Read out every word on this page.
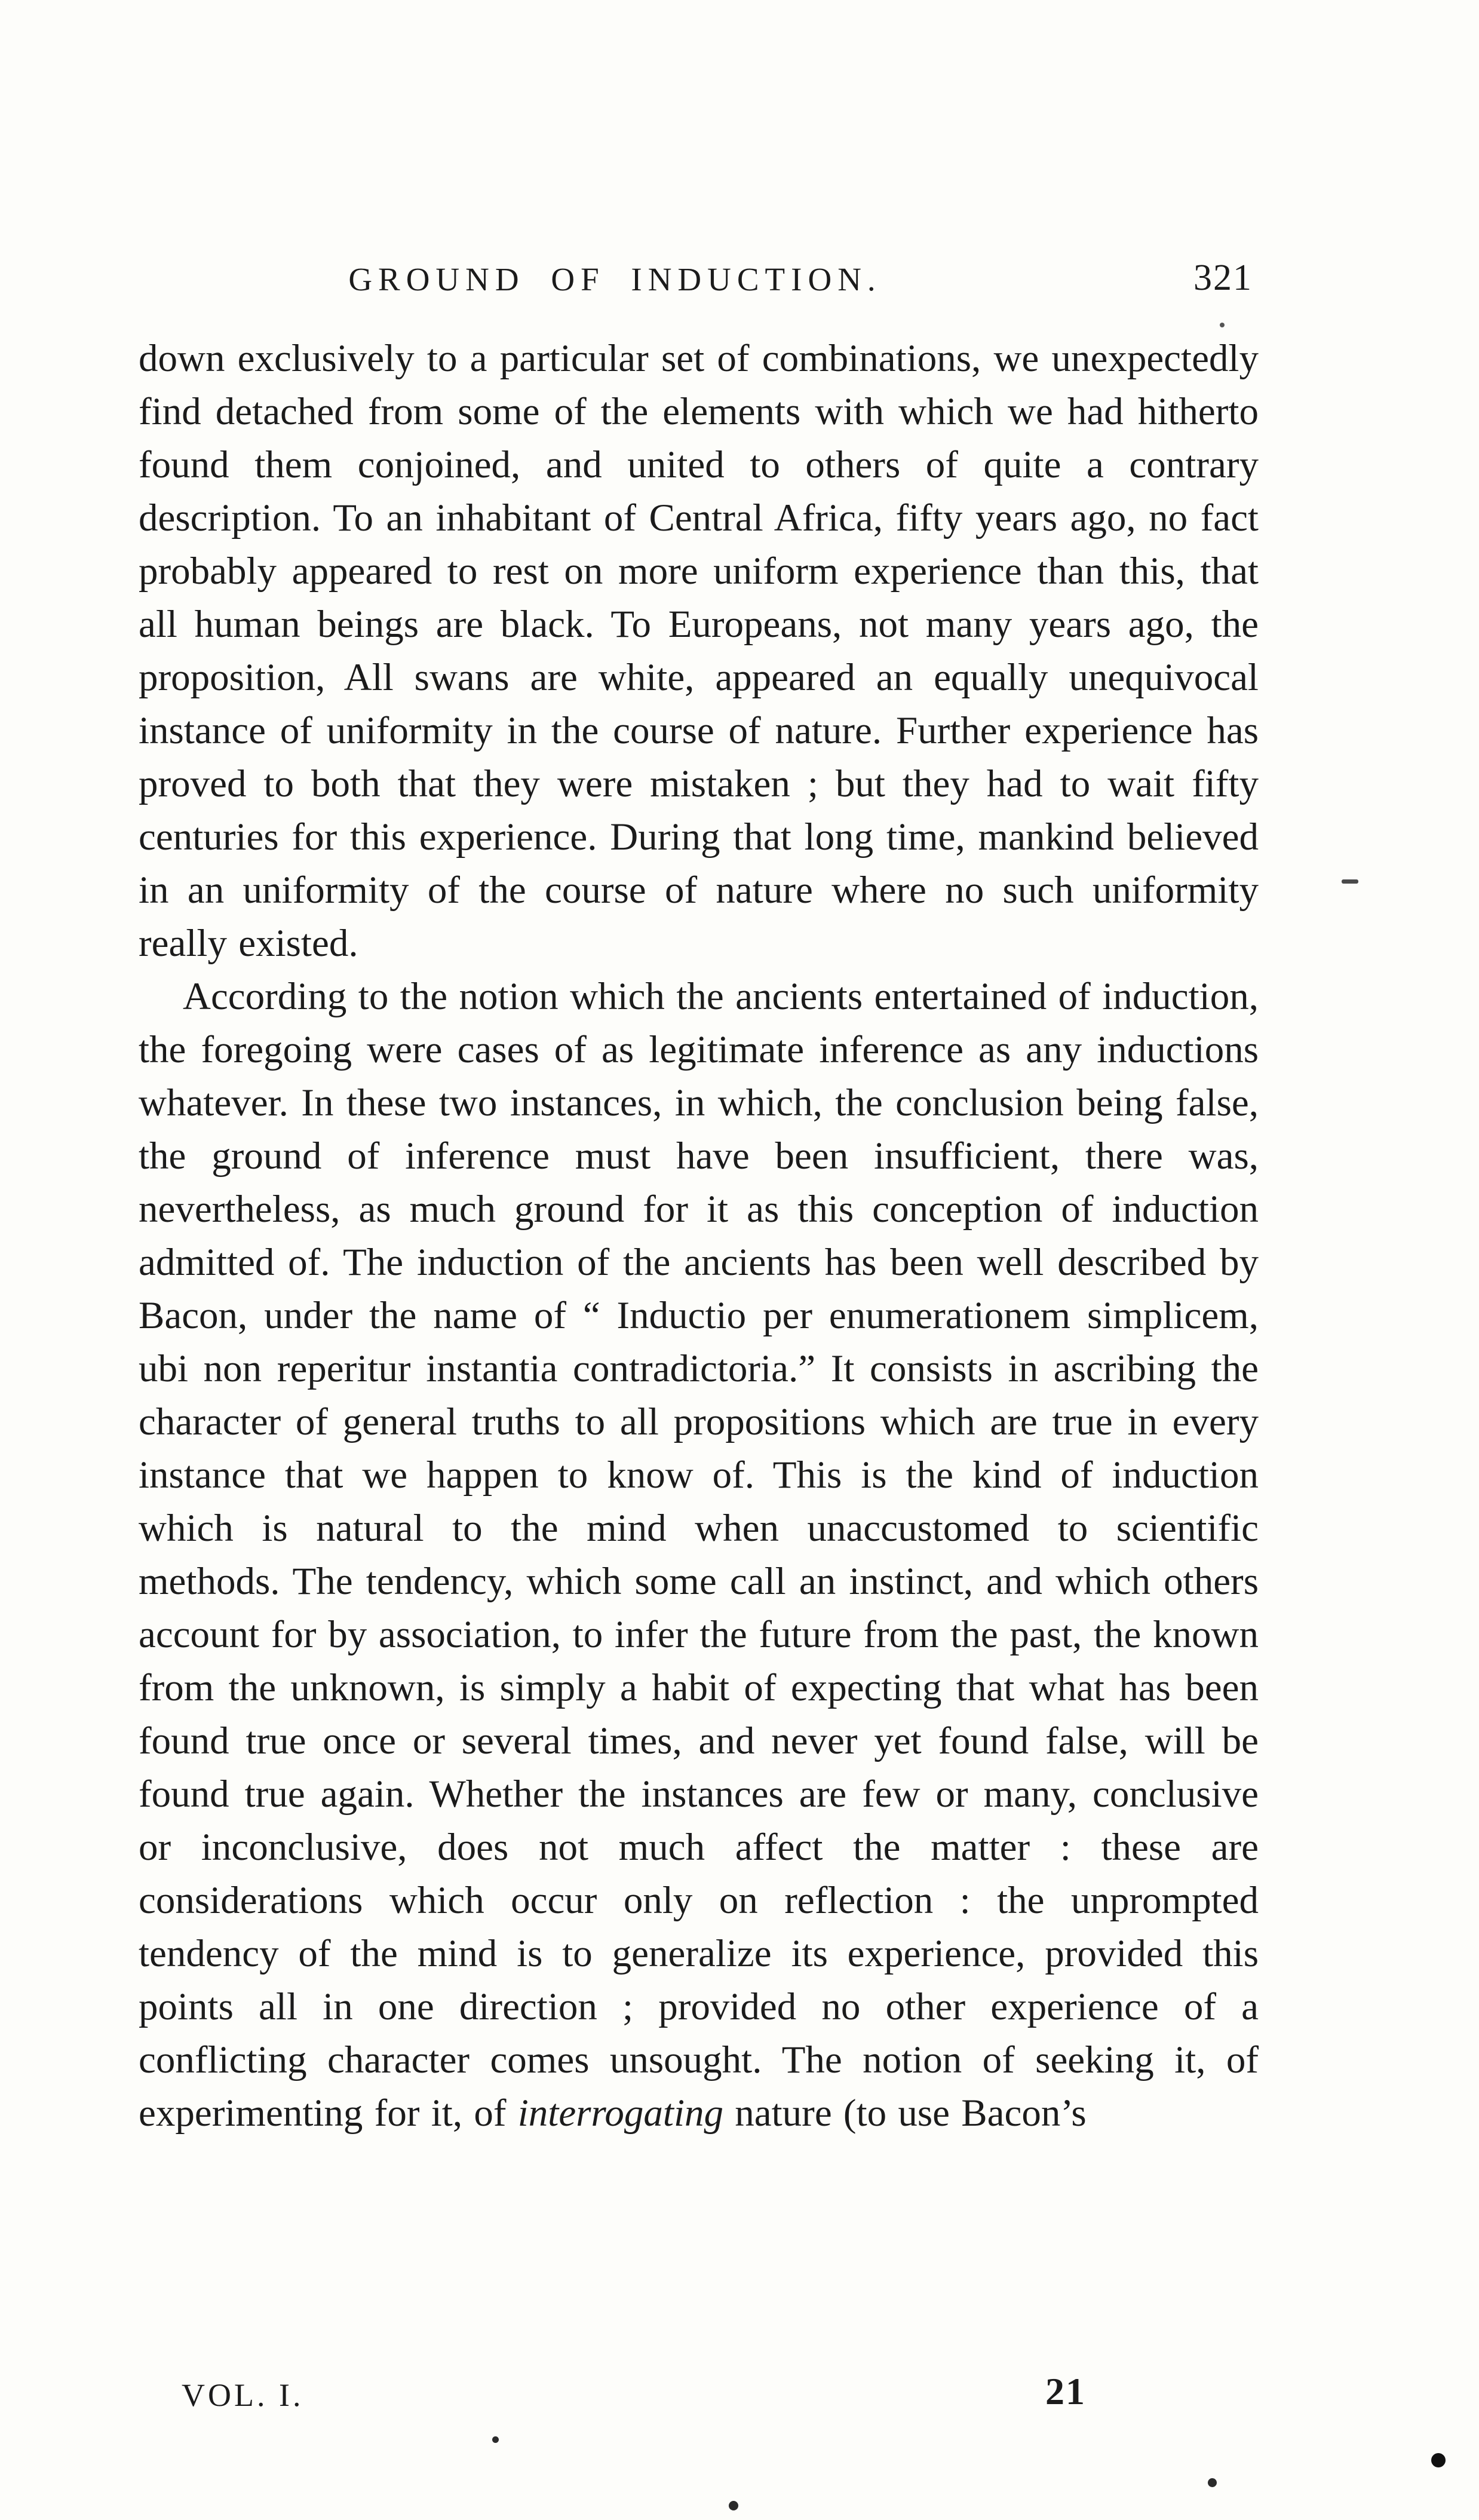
GROUND OF INDUCTION.	321

down exclusively to a particular set of combinations, we unexpectedly find detached from some of the elements with which we had hitherto found them conjoined, and united to others of quite a contrary description. To an inhabitant of Central Africa, fifty years ago, no fact probably appeared to rest on more uniform experience than this, that all human beings are black. To Europeans, not many years ago, the proposition, All swans are white, appeared an equally unequivocal instance of uniformity in the course of nature. Further experience has proved to both that they were mistaken ; but they had to wait fifty centuries for this experience. During that long time, mankind believed in an uniformity of the course of nature where no such uniformity really existed.

According to the notion which the ancients entertained of induction, the foregoing were cases of as legitimate inference as any inductions whatever. In these two instances, in which, the conclusion being false, the ground of inference must have been insufficient, there was, nevertheless, as much ground for it as this conception of induction admitted of. The induction of the ancients has been well described by Bacon, under the name of “ Inductio per enumerationem simplicem, ubi non reperitur instantia contradictoria.” It consists in ascribing the character of general truths to all propositions which are true in every instance that we happen to know of. This is the kind of induction which is natural to the mind when unaccustomed to scientific methods. The tendency, which some call an instinct, and which others account for by association, to infer the future from the past, the known from the unknown, is simply a habit of expecting that what has been found true once or several times, and never yet found false, will be found true again. Whether the instances are few or many, conclusive or inconclusive, does not much affect the matter : these are considerations which occur only on reflection : the unprompted tendency of the mind is to generalize its experience, provided this points all in one direction ; provided no other experience of a conflicting character comes unsought. The notion of seeking it, of experimenting for it, of interrogating nature (to use Bacon’s

VOL. I.	21
